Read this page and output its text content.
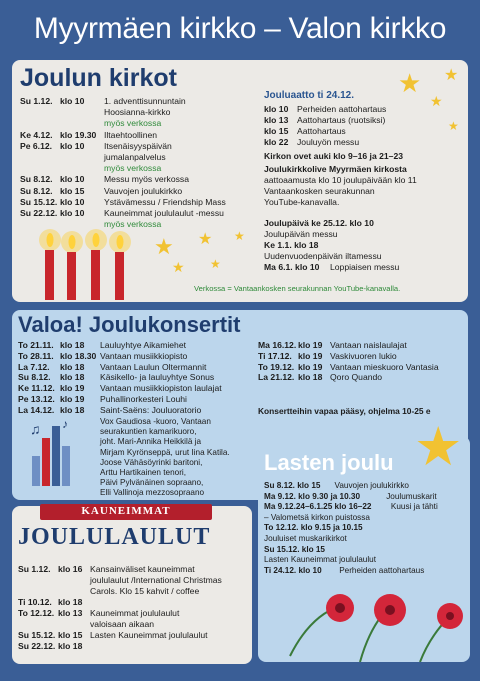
Myyrmäen kirkko – Valon kirkko
Joulun kirkot
Su 1.12. klo 10 1. adventtisunnuntain
Hoosianna-kirkko
myös verkossa
Ke 4.12. klo 19.30 Iltaehtoollinen
Pe 6.12. klo 10 Itsenäisyyspäivän
jumalanpalvelus
myös verkossa
Su 8.12. klo 10 Messu myös verkossa
Su 8.12. klo 15 Vauvojen joulukirkko
Su 15.12. klo 10 Ystävämessu / Friendship Mass
Su 22.12. klo 10 Kauneimmat joululaulut -messu
myös verkossa
Jouluaatto ti 24.12.
klo 10 Perheiden aattohartaus
klo 13 Aattohartaus (ruotsiksi)
klo 15 Aattohartaus
klo 22 Jouluyön messu
Kirkon ovet auki klo 9–16 ja 21–23
Joulukirkkolive Myyrmäen kirkosta
aattoaamusta klo 10 joulupäivään klo 11
Vantaankosken seurakunnan
YouTube-kanavalla.
Joulupäivä ke 25.12. klo 10
Joulupäivän messu
Ke 1.1. klo 18
Uudenvuodenpäivän iltamessu
Ma 6.1. klo 10 Loppiaisen messu
Verkossa = Vantaankosken seurakunnan YouTube-kanavalla.
★ ★
★
★
★
★ ★
★
★
Valoa! Joulukonsertit
To 21.11. klo 18 Lauluyhtye Aikamiehet
To 28.11. klo 18.30 Vantaan musiikkiopisto
La 7.12. klo 18 Vantaan Laulun Oltermannit
Su 8.12. klo 18 Käsikello- ja lauluyhtye Sonus
Ke 11.12. klo 19 Vantaan musiikkiopiston laulajat
Pe 13.12. klo 19 Puhallinorkesteri Louhi
La 14.12. klo 18 Saint-Saëns: Jouluoratorio
Vox Gaudiosa -kuoro, Vantaan
seurakuntien kamarikuoro,
joht. Mari-Annika Heikkilä ja
Mirjam Kyrönseppä, urut Iina Katila.
Joose Vähäsöyrinki baritoni,
Arttu Hartikainen tenori,
Päivi Pylvänäinen sopraano,
Elli Vallinoja mezzosopraano
Ma 16.12. klo 19 Vantaan naislaulajat
Ti 17.12. klo 19 Vaskivuoren lukio
To 19.12. klo 19 Vantaan mieskuoro Vantasia
La 21.12. klo 18 Qoro Quando
Konsertteihin vapaa pääsy, ohjelma 10-25 e
♫ ♪
KAUNEIMMAT
JOULULAULUT
Su 1.12. klo 16 Kansainväliset kauneimmat
joululaulut /International Christmas
Carols. Klo 15 kahvit / coffee
Ti 10.12. klo 18
To 12.12. klo 13 Kauneimmat joululaulut
valoisaan aikaan
Su 15.12. klo 15 Lasten Kauneimmat joululaulut
Su 22.12. klo 18
Lasten joulu
Su 8.12. klo 15 Vauvojen joulukirkko
Ma 9.12. klo 9.30 ja 10.30	Joulumuskarit
Ma 9.12.24–6.1.25 klo 16–22 Kuusi ja tähti
– Valometsä kirkon puistossa
To 12.12. klo 9.15 ja 10.15
Jouluiset muskarikirkot
Su 15.12. klo 15
Lasten Kauneimmat joululaulut
Ti 24.12. klo 10 Perheiden aattohartaus
★
